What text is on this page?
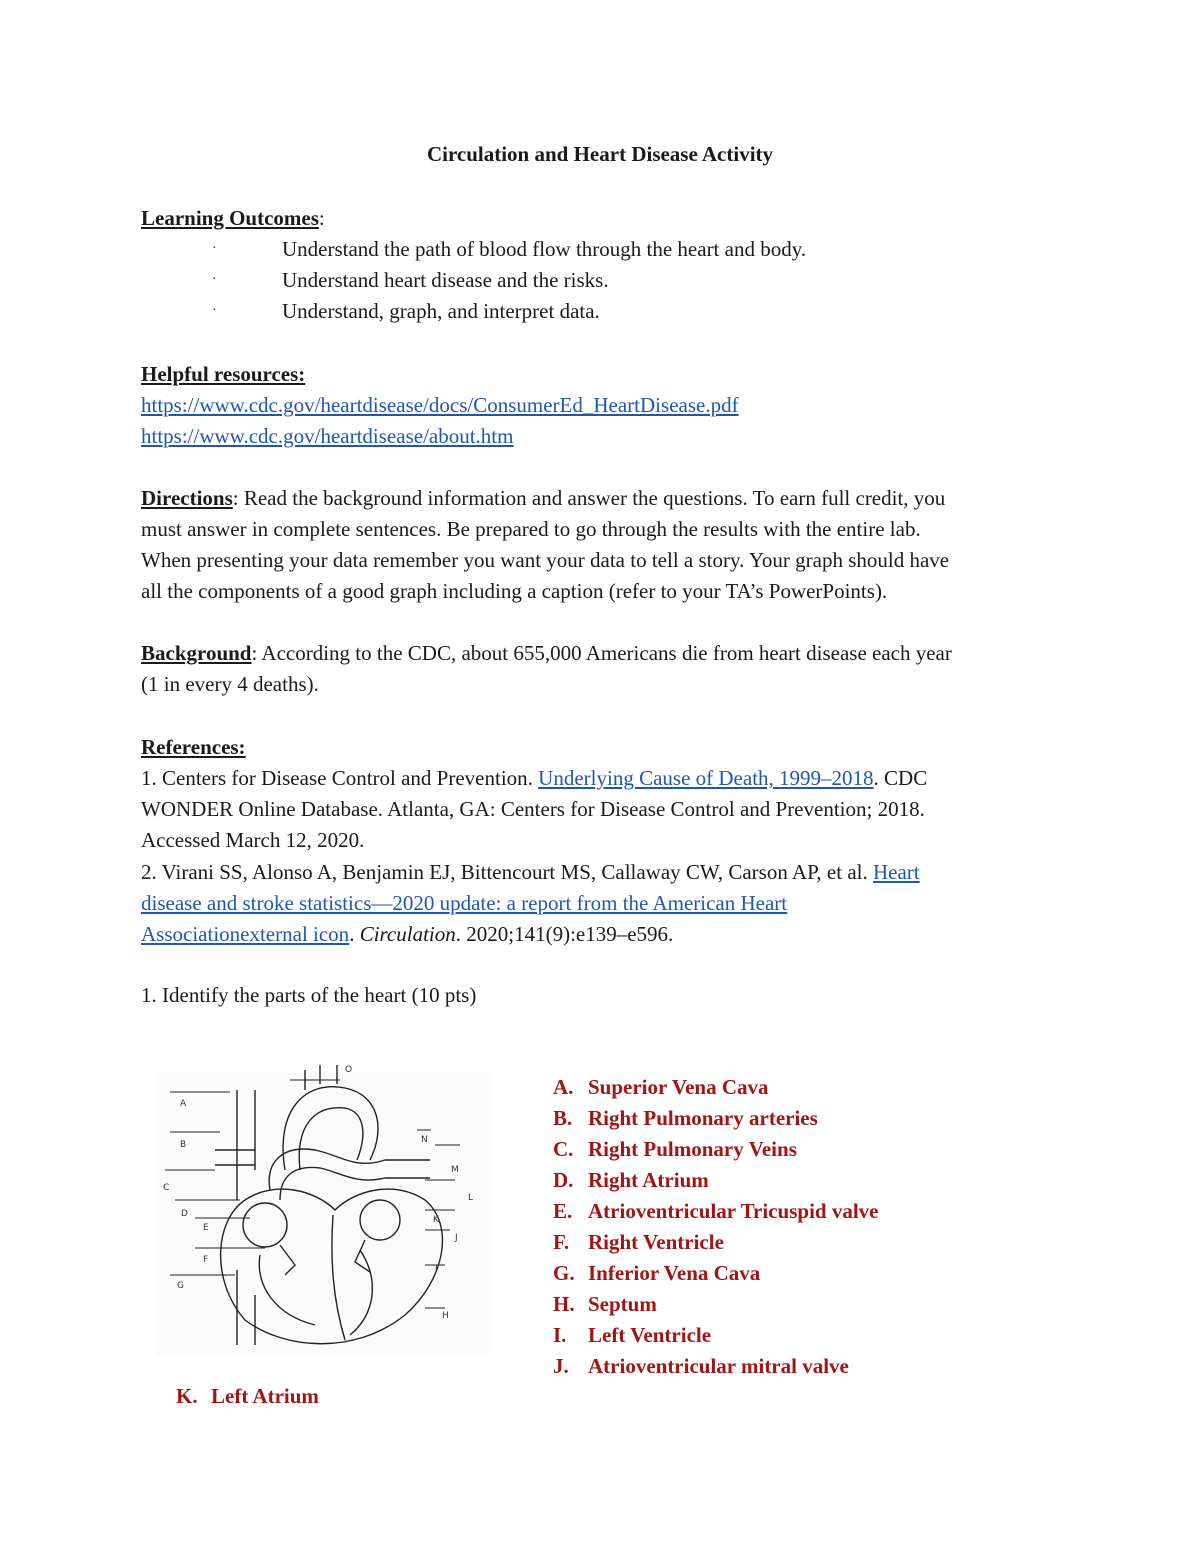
Circulation and Heart Disease Activity
Learning Outcomes:
·	Understand the path of blood flow through the heart and body.
·	Understand heart disease and the risks.
·	Understand, graph, and interpret data.
Helpful resources:
https://www.cdc.gov/heartdisease/docs/ConsumerEd_HeartDisease.pdf
https://www.cdc.gov/heartdisease/about.htm
Directions: Read the background information and answer the questions. To earn full credit, you
must answer in complete sentences. Be prepared to go through the results with the entire lab.
When presenting your data remember you want your data to tell a story. Your graph should have
all the components of a good graph including a caption (refer to your TA’s PowerPoints).
Background: According to the CDC, about 655,000 Americans die from heart disease each year
(1 in every 4 deaths).
References:
1. Centers for Disease Control and Prevention. Underlying Cause of Death, 1999–2018. CDC
WONDER Online Database. Atlanta, GA: Centers for Disease Control and Prevention; 2018.
Accessed March 12, 2020.
2. Virani SS, Alonso A, Benjamin EJ, Bittencourt MS, Callaway CW, Carson AP, et al. Heart
disease and stroke statistics—2020 update: a report from the American Heart
Associationexternal icon. Circulation. 2020;141(9):e139–e596.
1. Identify the parts of the heart (10 pts)
A
B
C
D
E
F
G
H
I
J
K
L
M
N
O
A. Superior Vena Cava
B. Right Pulmonary arteries
C. Right Pulmonary Veins
D. Right Atrium
E. Atrioventricular Tricuspid valve
F. Right Ventricle
G. Inferior Vena Cava
H. Septum
I. Left Ventricle
J. Atrioventricular mitral valve
K. Left Atrium
